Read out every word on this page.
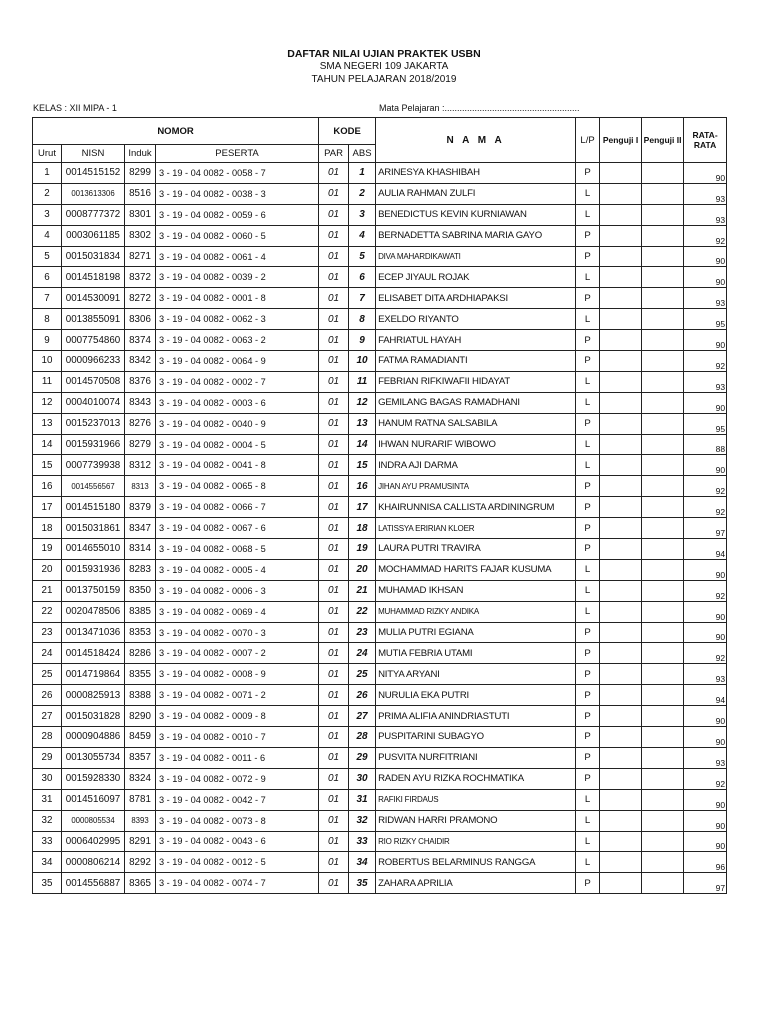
DAFTAR NILAI UJIAN PRAKTEK USBN
SMA NEGERI 109 JAKARTA
TAHUN PELAJARAN 2018/2019
KELAS : XII MIPA - 1	Mata Pelajaran :......................................................
NOMOR				KODE		N A M A	L/P	Penguji I	Penguji II	RATA-RATA
Urut	NISN	Induk	PESERTA	PAR	ABS					
1	0014515152	8299	3 - 19 - 04 0082 - 0058 - 7	01	1	ARINESYA KHASHIBAH	P			90
2	0013613306	8516	3 - 19 - 04 0082 - 0038 - 3	01	2	AULIA RAHMAN ZULFI	L			93
3	0008777372	8301	3 - 19 - 04 0082 - 0059 - 6	01	3	BENEDICTUS KEVIN KURNIAWAN	L			93
4	0003061185	8302	3 - 19 - 04 0082 - 0060 - 5	01	4	BERNADETTA SABRINA MARIA GAYO	P			92
5	0015031834	8271	3 - 19 - 04 0082 - 0061 - 4	01	5	DIVA MAHARDIKAWATI	P			90
6	0014518198	8372	3 - 19 - 04 0082 - 0039 - 2	01	6	ECEP JIYAUL ROJAK	L			90
7	0014530091	8272	3 - 19 - 04 0082 - 0001 - 8	01	7	ELISABET DITA ARDHIAPAKSI	P			93
8	0013855091	8306	3 - 19 - 04 0082 - 0062 - 3	01	8	EXELDO RIYANTO	L			95
9	0007754860	8374	3 - 19 - 04 0082 - 0063 - 2	01	9	FAHRIATUL HAYAH	P			90
10	0000966233	8342	3 - 19 - 04 0082 - 0064 - 9	01	10	FATMA RAMADIANTI	P			92
11	0014570508	8376	3 - 19 - 04 0082 - 0002 - 7	01	11	FEBRIAN RIFKIWAFII HIDAYAT	L			93
12	0004010074	8343	3 - 19 - 04 0082 - 0003 - 6	01	12	GEMILANG BAGAS RAMADHANI	L			90
13	0015237013	8276	3 - 19 - 04 0082 - 0040 - 9	01	13	HANUM RATNA SALSABILA	P			95
14	0015931966	8279	3 - 19 - 04 0082 - 0004 - 5	01	14	IHWAN NURARIF WIBOWO	L			88
15	0007739938	8312	3 - 19 - 04 0082 - 0041 - 8	01	15	INDRA AJI DARMA	L			90
16	0014556567	8313	3 - 19 - 04 0082 - 0065 - 8	01	16	JIHAN AYU PRAMUSINTA	P			92
17	0014515180	8379	3 - 19 - 04 0082 - 0066 - 7	01	17	KHAIRUNNISA CALLISTA ARDININGRUM	P			92
18	0015031861	8347	3 - 19 - 04 0082 - 0067 - 6	01	18	LATISSYA ERIRIAN KLOER	P			97
19	0014655010	8314	3 - 19 - 04 0082 - 0068 - 5	01	19	LAURA PUTRI TRAVIRA	P			94
20	0015931936	8283	3 - 19 - 04 0082 - 0005 - 4	01	20	MOCHAMMAD HARITS FAJAR KUSUMA	L			90
21	0013750159	8350	3 - 19 - 04 0082 - 0006 - 3	01	21	MUHAMAD IKHSAN	L			92
22	0020478506	8385	3 - 19 - 04 0082 - 0069 - 4	01	22	MUHAMMAD RIZKY ANDIKA	L			90
23	0013471036	8353	3 - 19 - 04 0082 - 0070 - 3	01	23	MULIA PUTRI EGIANA	P			90
24	0014518424	8286	3 - 19 - 04 0082 - 0007 - 2	01	24	MUTIA FEBRIA UTAMI	P			92
25	0014719864	8355	3 - 19 - 04 0082 - 0008 - 9	01	25	NITYA ARYANI	P			93
26	0000825913	8388	3 - 19 - 04 0082 - 0071 - 2	01	26	NURULIA EKA PUTRI	P			94
27	0015031828	8290	3 - 19 - 04 0082 - 0009 - 8	01	27	PRIMA ALIFIA ANINDRIASTUTI	P			90
28	0000904886	8459	3 - 19 - 04 0082 - 0010 - 7	01	28	PUSPITARINI SUBAGYO	P			90
29	0013055734	8357	3 - 19 - 04 0082 - 0011 - 6	01	29	PUSVITA NURFITRIANI	P			93
30	0015928330	8324	3 - 19 - 04 0082 - 0072 - 9	01	30	RADEN AYU RIZKA ROCHMATIKA	P			92
31	0014516097	8781	3 - 19 - 04 0082 - 0042 - 7	01	31	RAFIKI FIRDAUS	L			90
32	0000805534	8393	3 - 19 - 04 0082 - 0073 - 8	01	32	RIDWAN HARRI PRAMONO	L			90
33	0006402995	8291	3 - 19 - 04 0082 - 0043 - 6	01	33	RIO RIZKY CHAIDIR	L			90
34	0000806214	8292	3 - 19 - 04 0082 - 0012 - 5	01	34	ROBERTUS BELARMINUS RANGGA	L			96
35	0014556887	8365	3 - 19 - 04 0082 - 0074 - 7	01	35	ZAHARA APRILIA	P			97
